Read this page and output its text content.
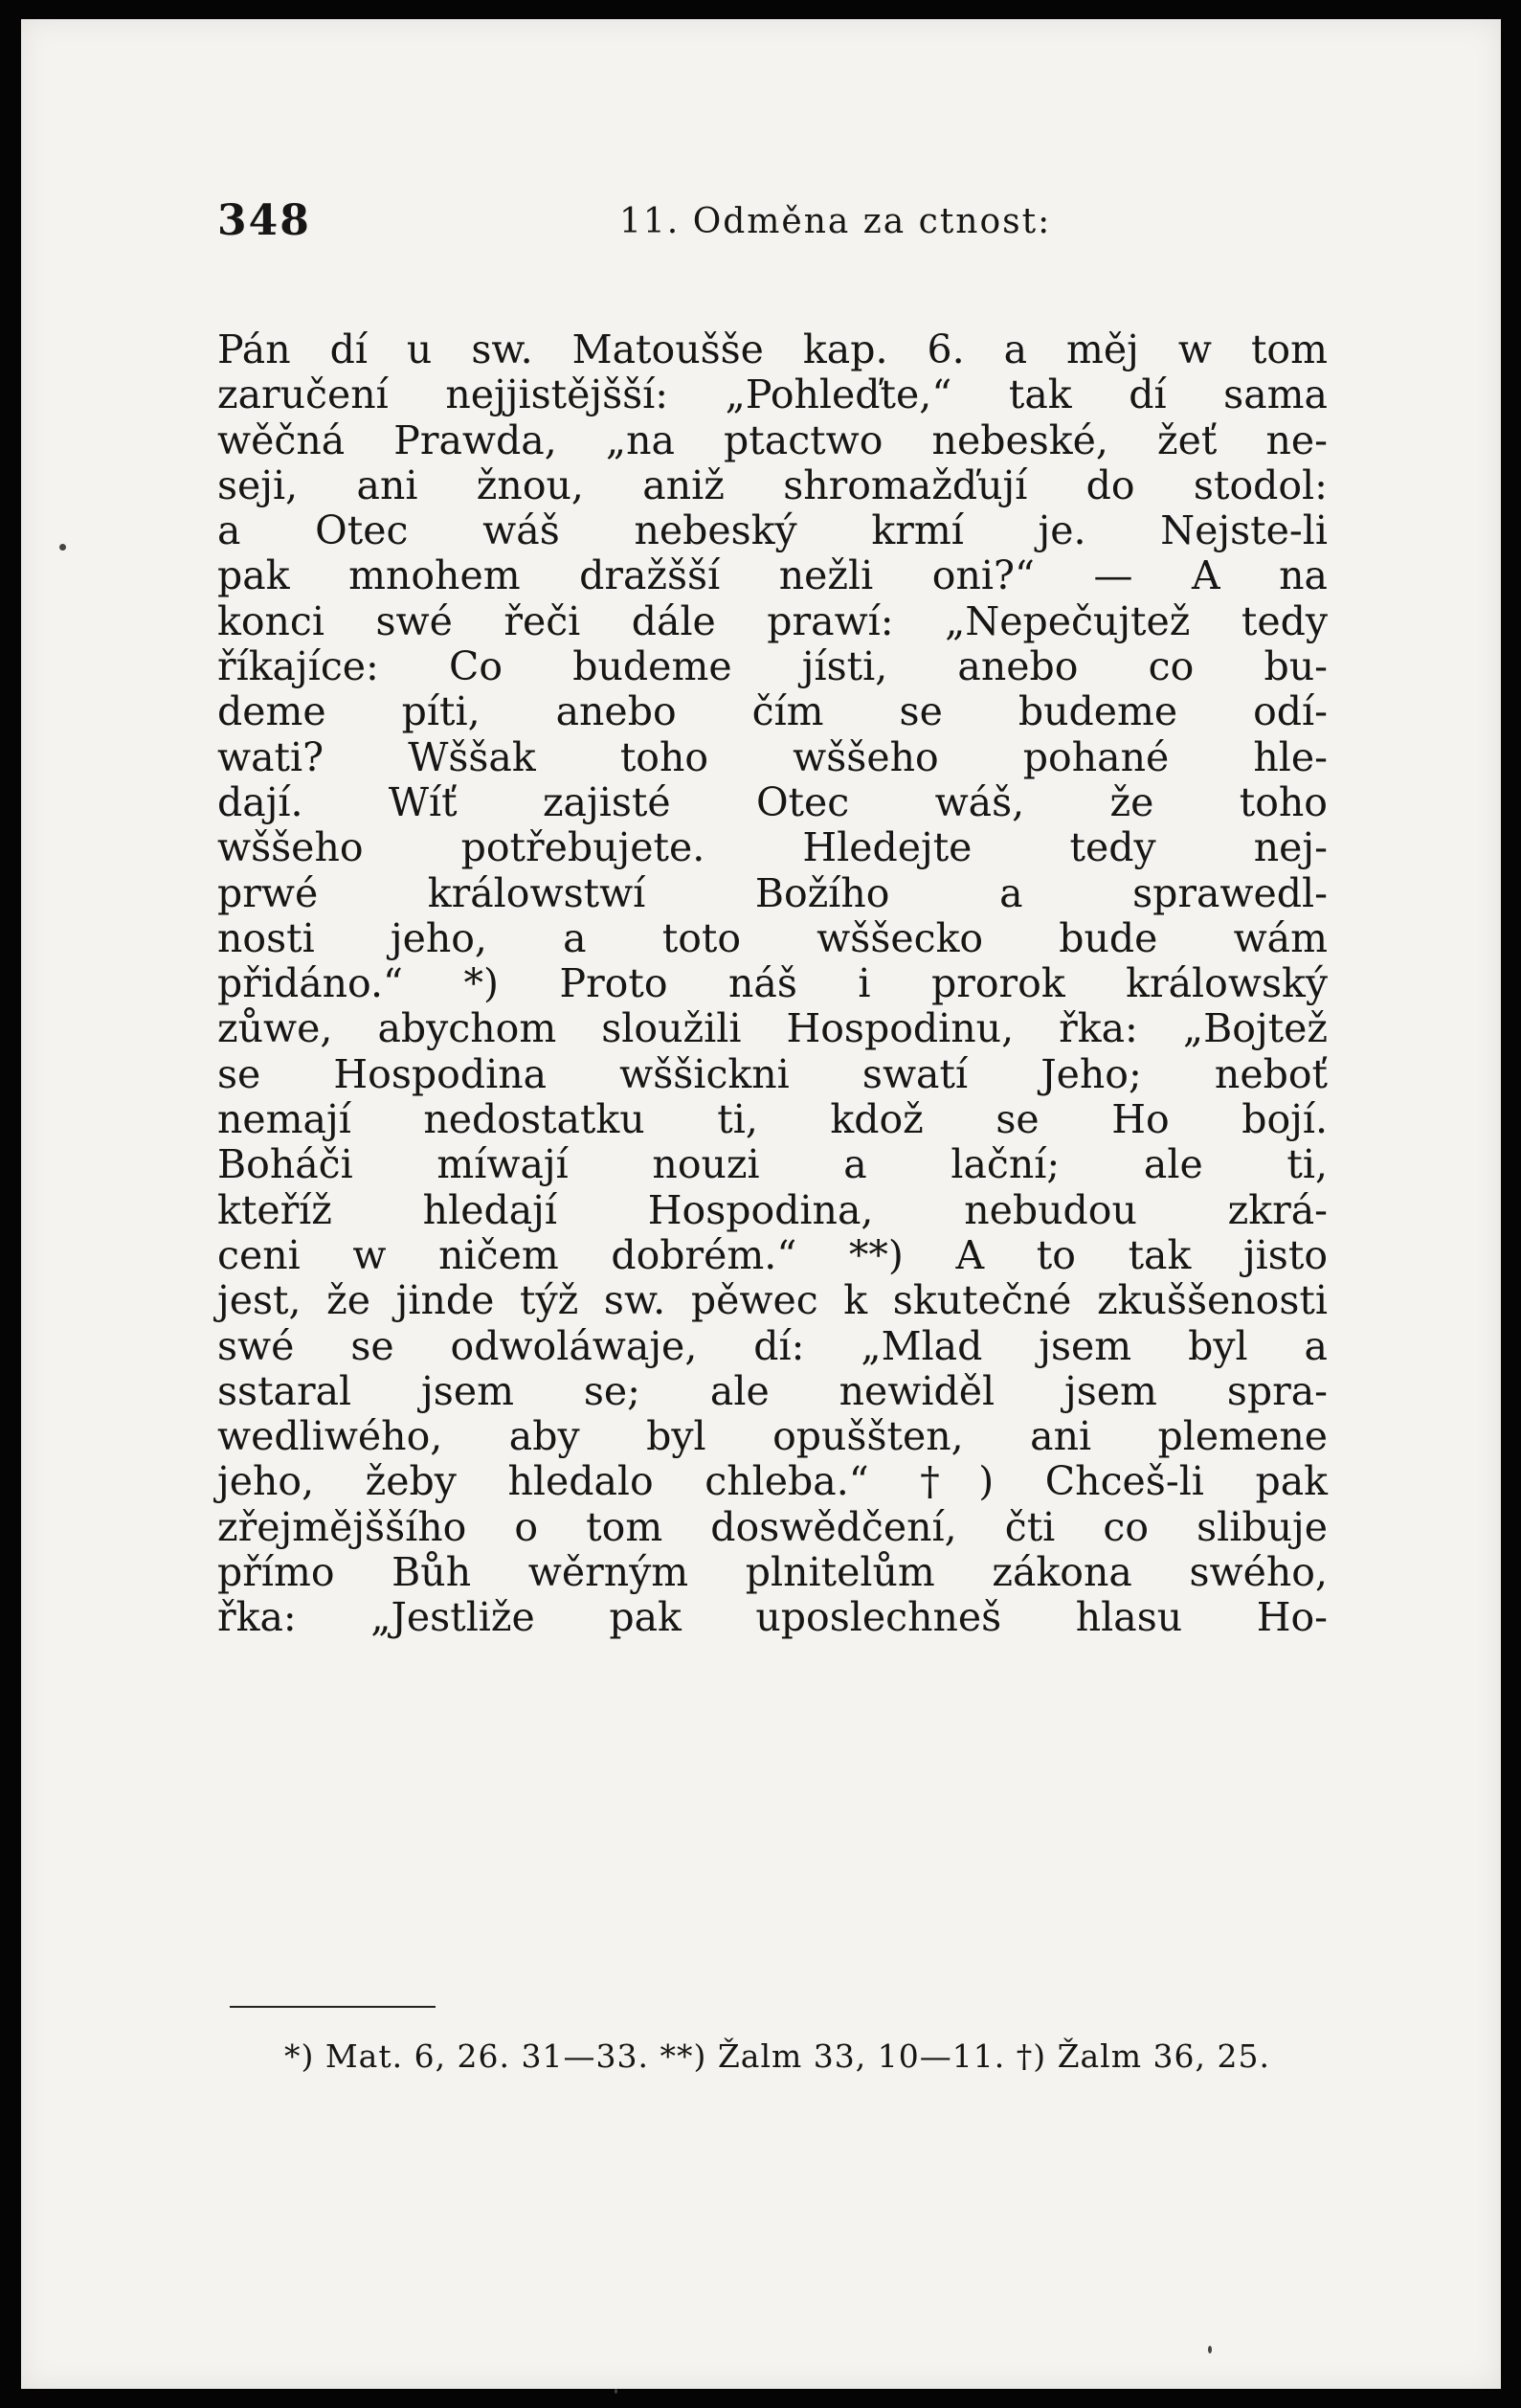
348	11. Odměna za ctnost:
Pán dí u sw. Matoušše kap. 6. a měj w tom
zaručení nejjistějšší: „Pohleďte,“ tak dí sama
wěčná Prawda, „na ptactwo nebeské, žeť ne-
seji, ani žnou, aniž shromažďují do stodol:
a Otec wáš nebeský krmí je. Nejste-li
pak mnohem dražšší nežli oni?“ — A na
konci swé řeči dále prawí: „Nepečujtež tedy
říkajíce: Co budeme jísti, anebo co bu-
deme píti, anebo čím se budeme odí-
wati? Wššak toho wššeho pohané hle-
dají. Wíť zajisté Otec wáš, že toho
wššeho potřebujete. Hledejte tedy nej-
prwé králowstwí Božího a sprawedl-
nosti jeho, a toto wššecko bude wám
přidáno.“ *) Proto náš i prorok králowský
zůwe, abychom sloužili Hospodinu, řka: „Bojtež
se Hospodina wššickni swatí Jeho; neboť
nemají nedostatku ti, kdož se Ho bojí.
Boháči míwají nouzi a lační; ale ti,
kteříž hledají Hospodina, nebudou zkrá-
ceni w ničem dobrém.“ **) A to tak jisto
jest, že jinde týž sw. pěwec k skutečné zkuššenosti
swé se odwoláwaje, dí: „Mlad jsem byl a
sstaral jsem se; ale newiděl jsem spra-
wedliwého, aby byl opuššten, ani plemene
jeho, žeby hledalo chleba.“ †) Chceš-li pak
zřejmějššího o tom doswědčení, čti co slibuje
přímo Bůh wěrným plnitelům zákona swého,
řka: „Jestliže pak uposlechneš hlasu Ho-
*) Mat. 6, 26. 31—33. **) Žalm 33, 10—11. †) Žalm 36, 25.
